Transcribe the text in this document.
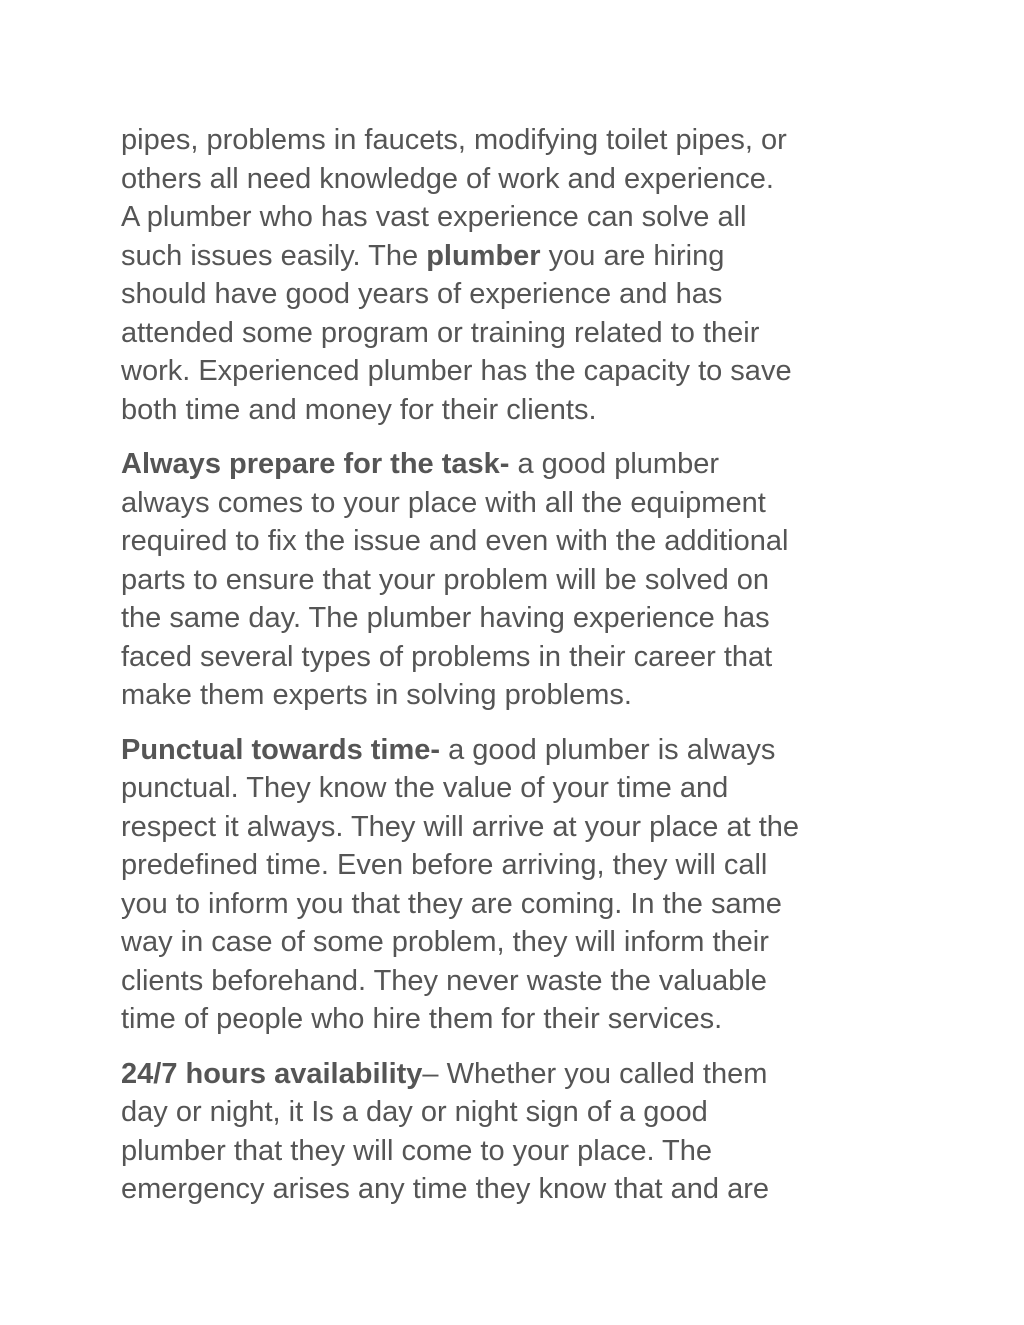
pipes, problems in faucets, modifying toilet pipes, or
others all need knowledge of work and experience.
A plumber who has vast experience can solve all
such issues easily. The plumber you are hiring
should have good years of experience and has
attended some program or training related to their
work. Experienced plumber has the capacity to save
both time and money for their clients.

Always prepare for the task- a good plumber
always comes to your place with all the equipment
required to fix the issue and even with the additional
parts to ensure that your problem will be solved on
the same day. The plumber having experience has
faced several types of problems in their career that
make them experts in solving problems.

Punctual towards time- a good plumber is always
punctual. They know the value of your time and
respect it always. They will arrive at your place at the
predefined time. Even before arriving, they will call
you to inform you that they are coming. In the same
way in case of some problem, they will inform their
clients beforehand. They never waste the valuable
time of people who hire them for their services.

24/7 hours availability– Whether you called them
day or night, it Is a day or night sign of a good
plumber that they will come to your place. The
emergency arises any time they know that and are
